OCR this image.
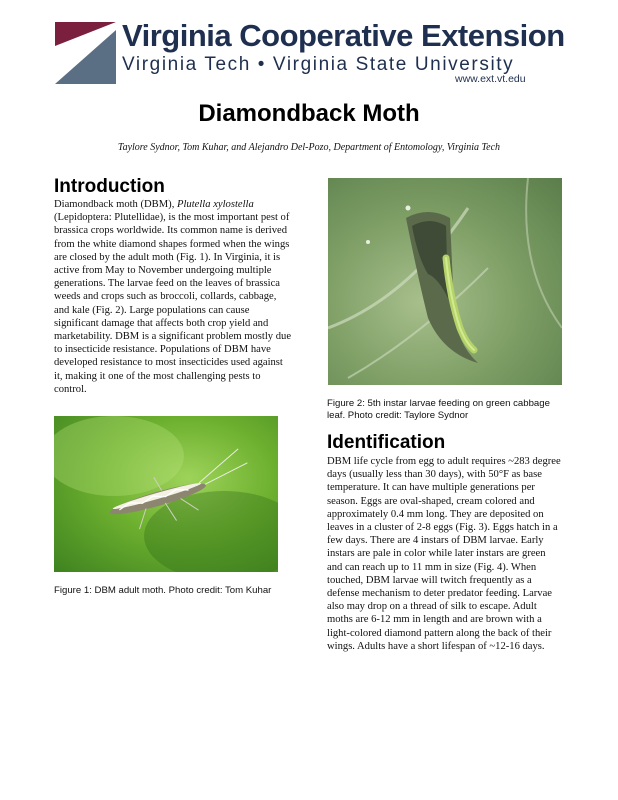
Virginia Cooperative Extension
Virginia Tech • Virginia State University
www.ext.vt.edu
Diamondback Moth
Taylore Sydnor, Tom Kuhar, and Alejandro Del-Pozo, Department of Entomology, Virginia Tech
Introduction
Diamondback moth (DBM), Plutella xylostella (Lepidoptera: Plutellidae), is the most important pest of brassica crops worldwide. Its common name is derived from the white diamond shapes formed when the wings are closed by the adult moth (Fig. 1). In Virginia, it is active from May to November undergoing multiple generations. The larvae feed on the leaves of brassica weeds and crops such as broccoli, collards, cabbage, and kale (Fig. 2). Large populations can cause significant damage that affects both crop yield and marketability. DBM is a significant problem mostly due to insecticide resistance. Populations of DBM have developed resistance to most insecticides used against it, making it one of the most challenging pests to control.
Figure 1: DBM adult moth. Photo credit: Tom Kuhar
Figure 2: 5th instar larvae feeding on green cabbage leaf. Photo credit: Taylore Sydnor
Identification
DBM life cycle from egg to adult requires ~283 degree days (usually less than 30 days), with 50°F as base temperature. It can have multiple generations per season. Eggs are oval-shaped, cream colored and approximately 0.4 mm long. They are deposited on leaves in a cluster of 2-8 eggs (Fig. 3). Eggs hatch in a few days. There are 4 instars of DBM larvae. Early instars are pale in color while later instars are green and can reach up to 11 mm in size (Fig. 4). When touched, DBM larvae will twitch frequently as a defense mechanism to deter predator feeding. Larvae also may drop on a thread of silk to escape. Adult moths are 6-12 mm in length and are brown with a light-colored diamond pattern along the back of their wings. Adults have a short lifespan of ~12-16 days.
